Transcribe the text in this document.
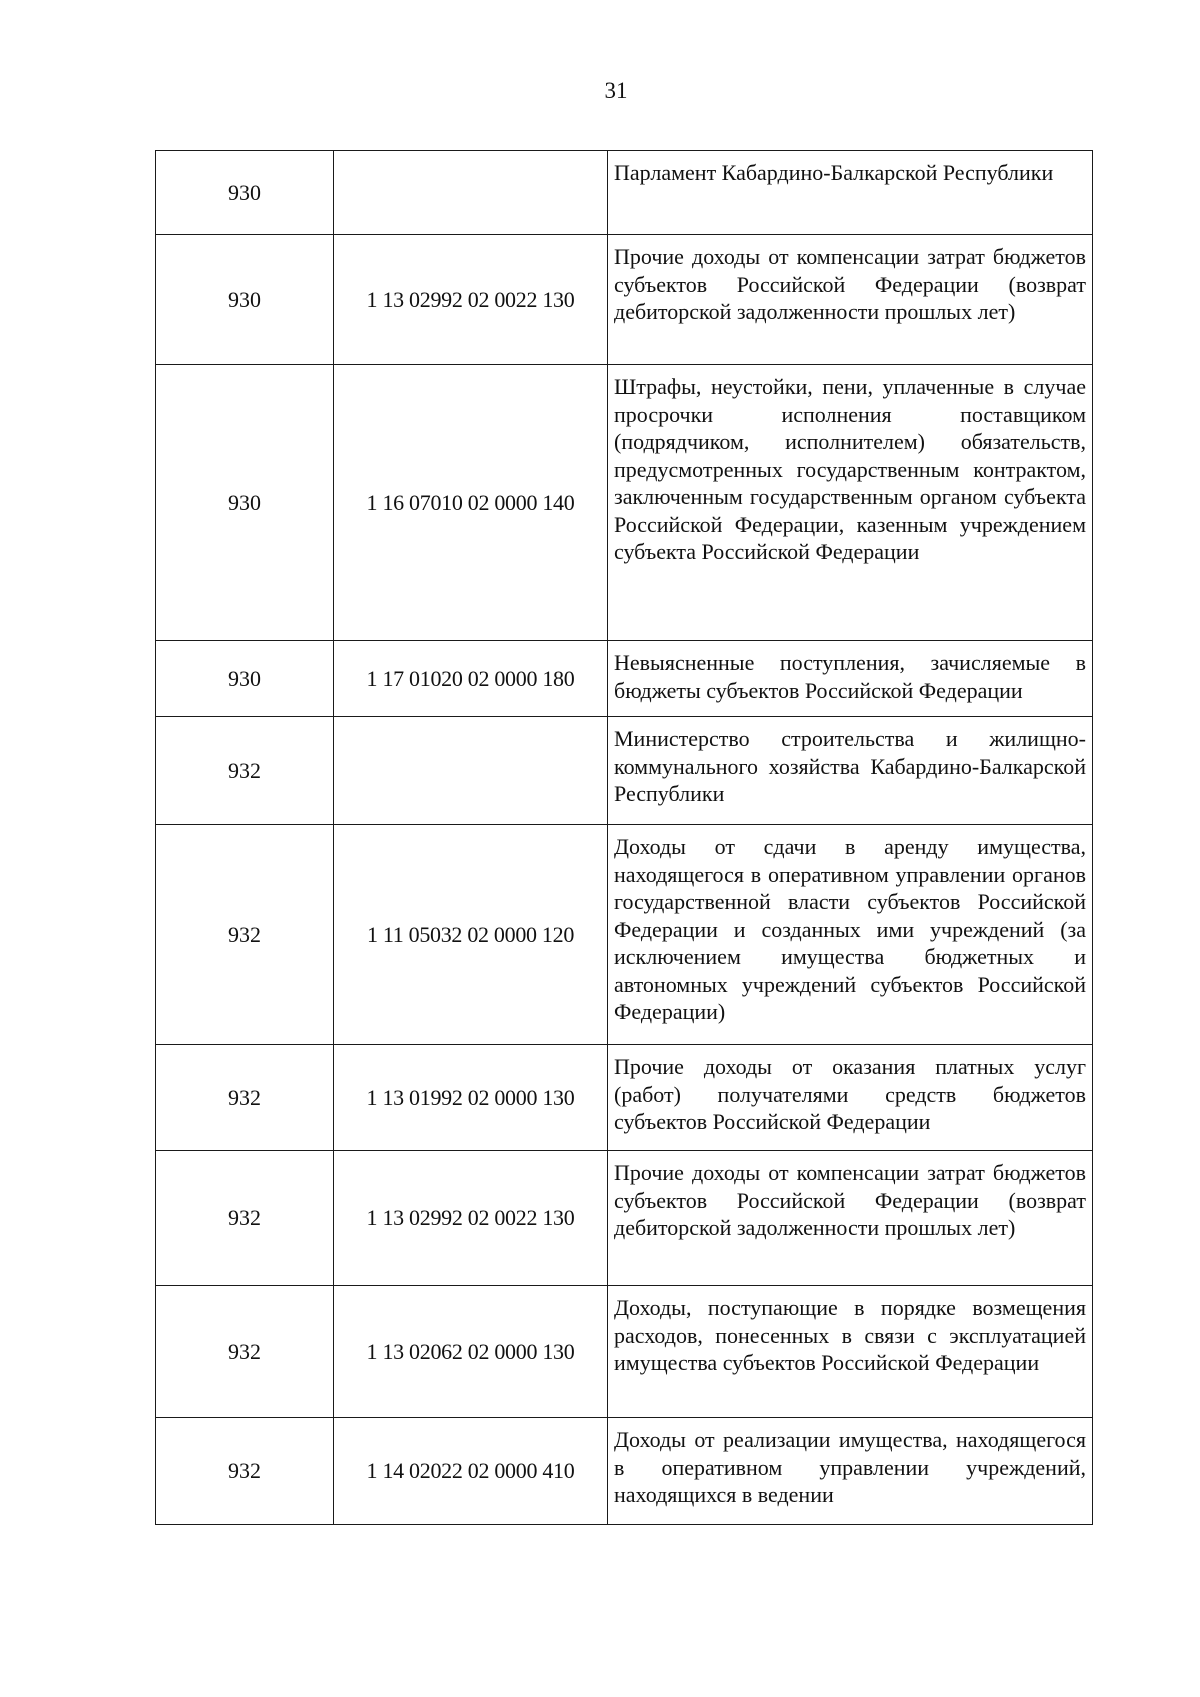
31
930		Парламент Кабардино-Балкарской Республики
930	1 13 02992 02 0022 130	Прочие доходы от компенсации затрат бюджетов субъектов Российской Федерации (возврат дебиторской задолженности прошлых лет)
930	1 16 07010 02 0000 140	Штрафы, неустойки, пени, уплаченные в случае просрочки исполнения поставщиком (подрядчиком, исполнителем) обязательств, предусмотренных государственным контрактом, заключенным государственным органом субъекта Российской Федерации, казенным учреждением субъекта Российской Федерации
930	1 17 01020 02 0000 180	Невыясненные поступления, зачисляемые в бюджеты субъектов Российской Федерации
932		Министерство строительства и жилищно-коммунального хозяйства Кабардино-Балкарской Республики
932	1 11 05032 02 0000 120	Доходы от сдачи в аренду имущества, находящегося в оперативном управлении органов государственной власти субъектов Российской Федерации и созданных ими учреждений (за исключением имущества бюджетных и автономных учреждений субъектов Российской Федерации)
932	1 13 01992 02 0000 130	Прочие доходы от оказания платных услуг (работ) получателями средств бюджетов субъектов Российской Федерации
932	1 13 02992 02 0022 130	Прочие доходы от компенсации затрат бюджетов субъектов Российской Федерации (возврат дебиторской задолженности прошлых лет)
932	1 13 02062 02 0000 130	Доходы, поступающие в порядке возмещения расходов, понесенных в связи с эксплуатацией имущества субъектов Российской Федерации
932	1 14 02022 02 0000 410	Доходы от реализации имущества, находящегося в оперативном управлении учреждений, находящихся в ведении
